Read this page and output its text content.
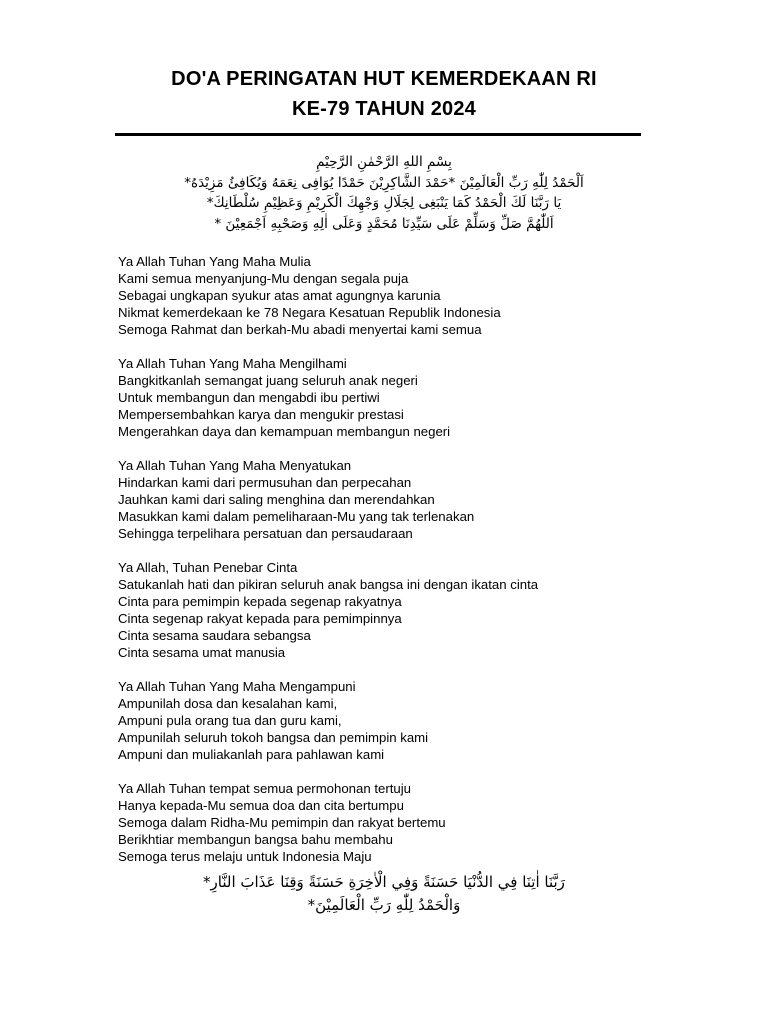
DO'A PERINGATAN HUT KEMERDEKAAN RI
KE-79 TAHUN 2024
بِسْمِ اللهِ الرَّحْمٰنِ الرَّحِيْمِ
اَلْحَمْدُ لِلّٰهِ رَبِّ الْعَالَمِيْنَ *حَمْدَ الشَّاكِرِيْنَ حَمْدًا يُوَافِى نِعَمَهُ وَيُكَافِئُ مَزِيْدَهُ*
يَا رَبَّنَا لَكَ الْحَمْدُ كَمَا يَنْبَغِى لِجَلَالِ وَجْهِكَ الْكَرِيْمِ وَعَظِيْمِ سُلْطَانِكَ*
اَللّٰهُمَّ صَلِّ وَسَلِّمْ عَلَى سَيِّدِنَا مُحَمَّدٍ وَعَلَى اٰلِهِ وَصَحْبِهِ اَجْمَعِيْنَ *
Ya Allah Tuhan Yang Maha Mulia
Kami semua menyanjung-Mu dengan segala puja
Sebagai ungkapan syukur atas amat agungnya karunia
Nikmat kemerdekaan ke 78 Negara Kesatuan Republik Indonesia
Semoga Rahmat dan berkah-Mu abadi menyertai kami semua
Ya Allah Tuhan Yang Maha Mengilhami
Bangkitkanlah semangat juang seluruh anak negeri
Untuk membangun dan mengabdi ibu pertiwi
Mempersembahkan karya dan mengukir prestasi
Mengerahkan daya dan kemampuan membangun negeri
Ya Allah Tuhan Yang Maha Menyatukan
Hindarkan kami dari permusuhan dan perpecahan
Jauhkan kami dari saling menghina dan merendahkan
Masukkan kami dalam pemeliharaan-Mu yang tak terlenakan
Sehingga terpelihara persatuan dan persaudaraan
Ya Allah, Tuhan Penebar Cinta
Satukanlah hati dan pikiran seluruh anak bangsa ini dengan ikatan cinta
Cinta para pemimpin kepada segenap rakyatnya
Cinta segenap rakyat kepada para pemimpinnya
Cinta sesama saudara sebangsa
Cinta sesama umat manusia
Ya Allah Tuhan Yang Maha Mengampuni
Ampunilah dosa dan kesalahan kami,
Ampuni pula orang tua dan guru kami,
Ampunilah seluruh tokoh bangsa dan pemimpin kami
Ampuni dan muliakanlah para pahlawan kami
Ya Allah Tuhan tempat semua permohonan tertuju
Hanya kepada-Mu semua doa dan cita bertumpu
Semoga dalam Ridha-Mu pemimpin dan rakyat bertemu
Berikhtiar membangun bangsa bahu membahu
Semoga terus melaju untuk Indonesia Maju
رَبَّنَا اٰتِنَا فِي الدُّنْيَا حَسَنَةً وَفِي الْاٰخِرَةِ حَسَنَةً وَقِنَا عَذَابَ النَّارِ*
وَالْحَمْدُ لِلّٰهِ رَبِّ الْعَالَمِيْنَ*
